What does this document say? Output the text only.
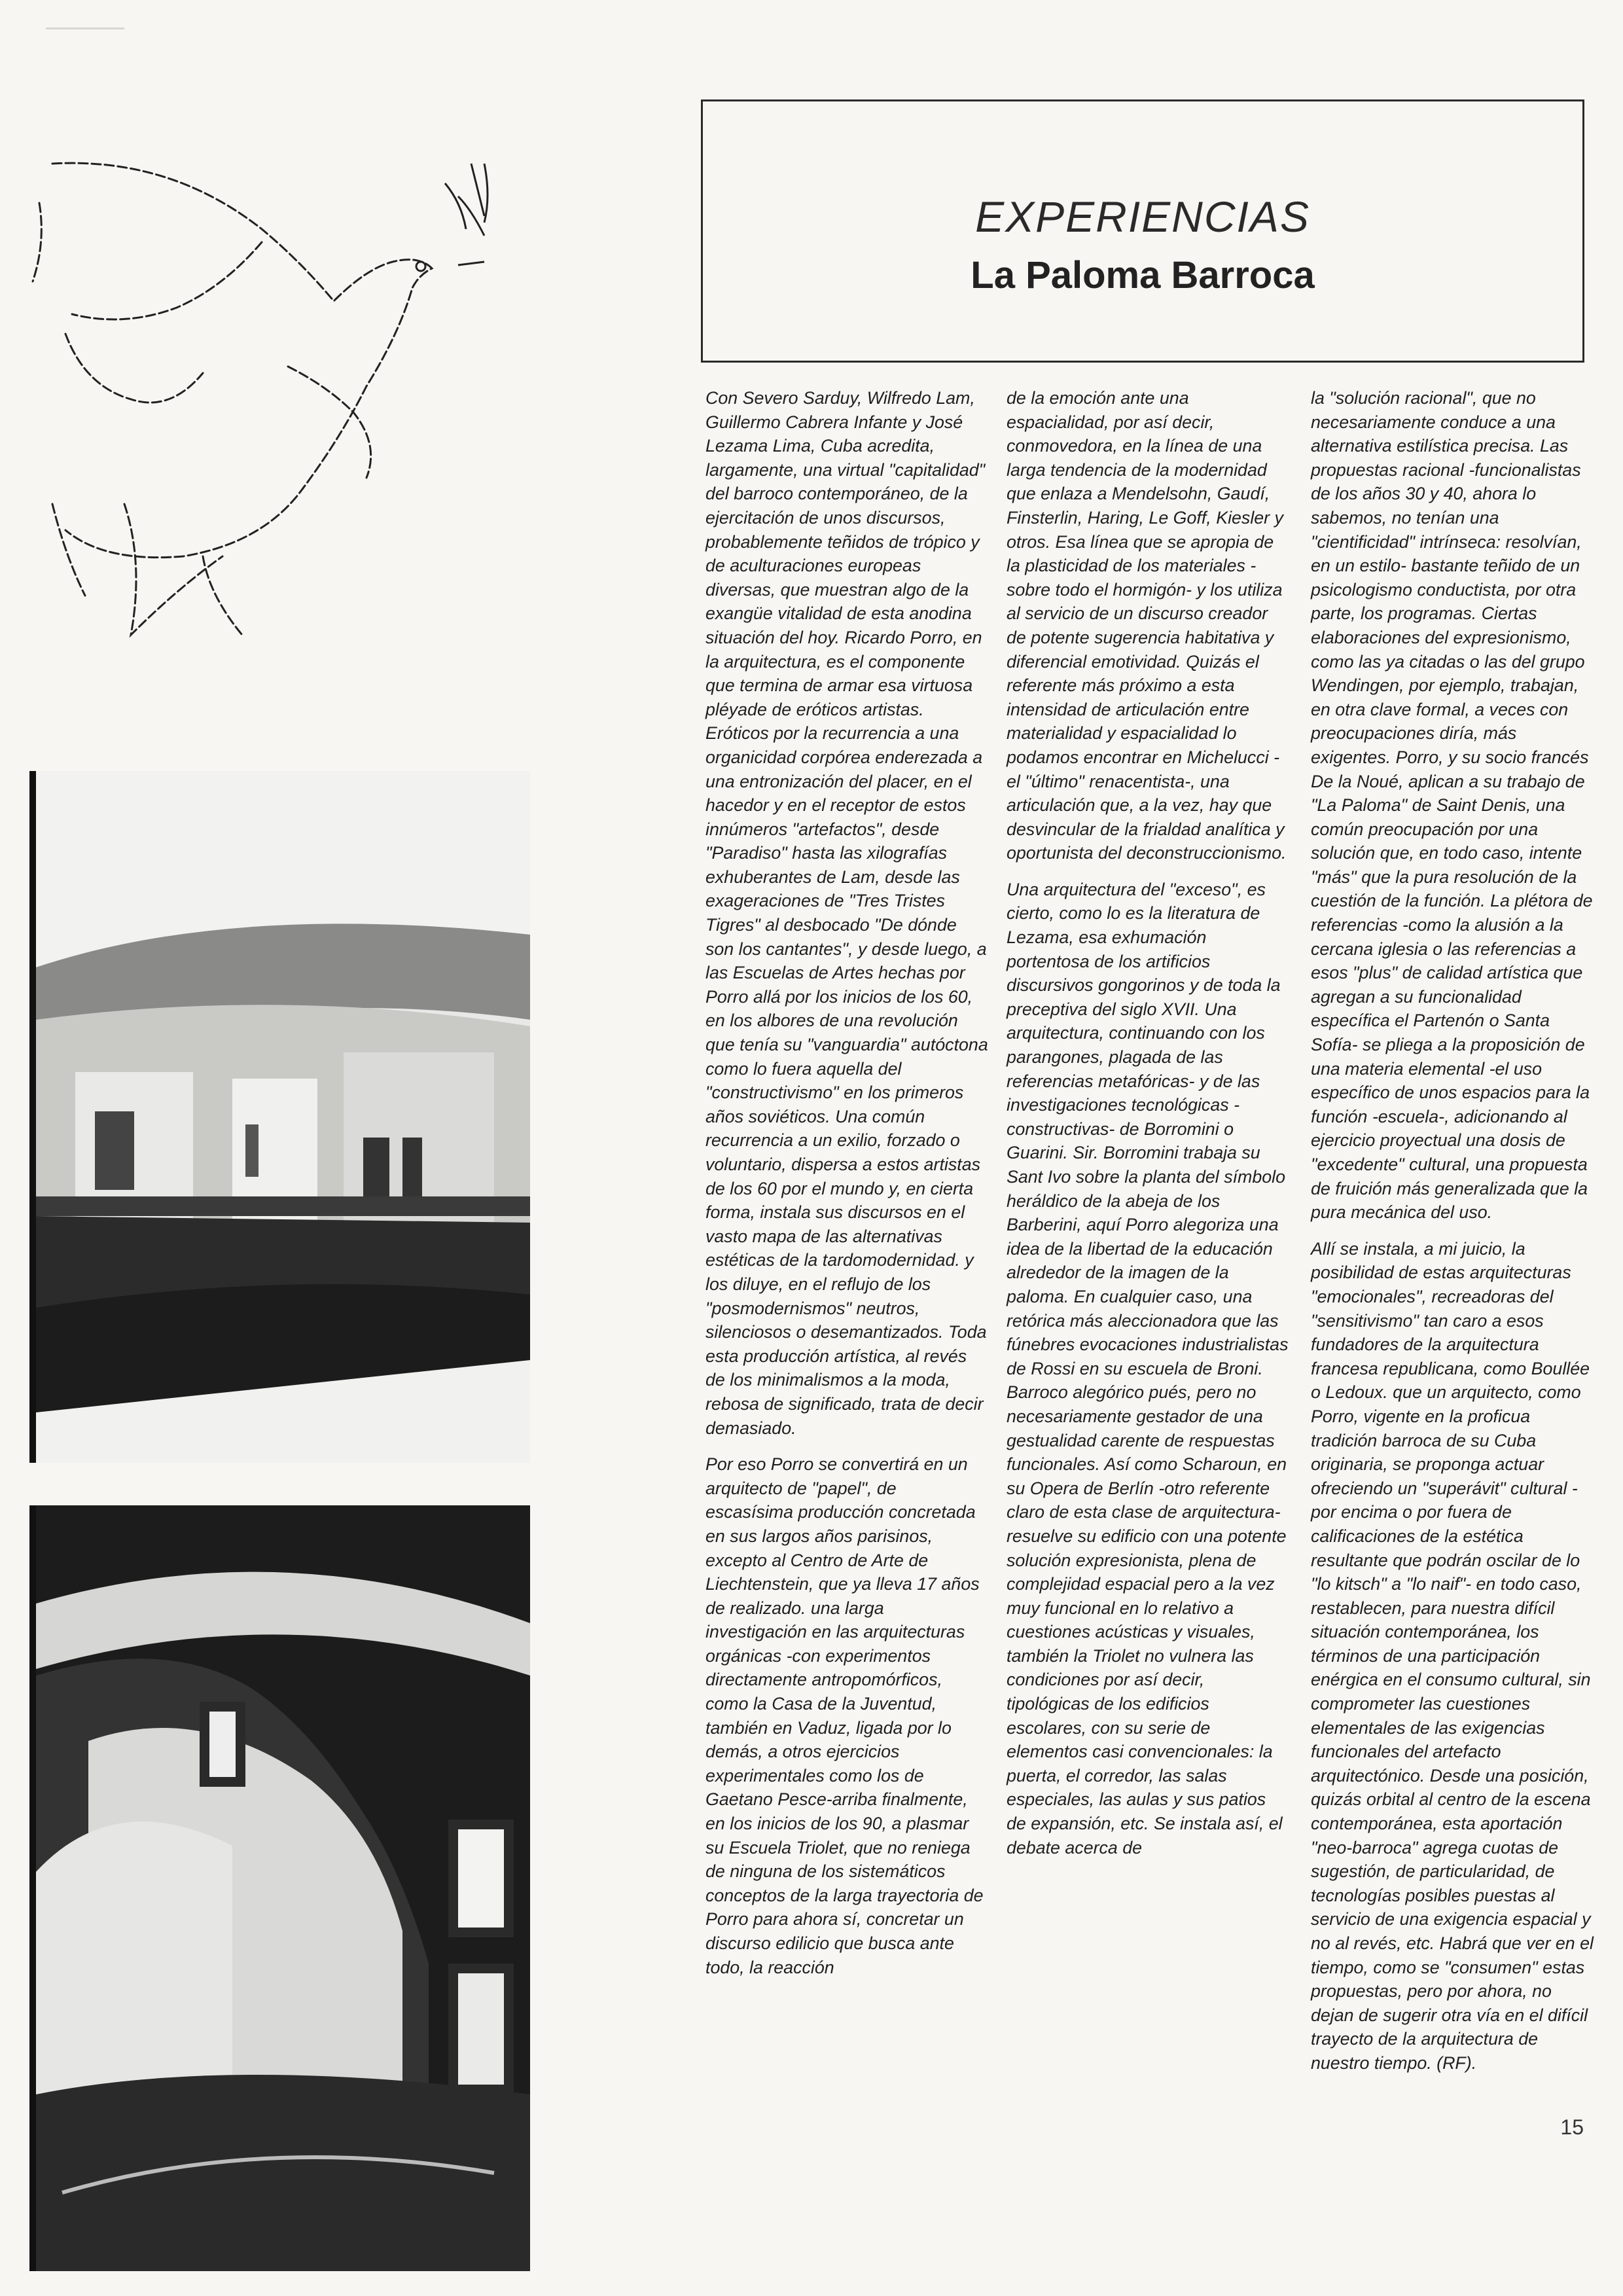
EXPERIENCIAS
La Paloma Barroca

Con Severo Sarduy, Wilfredo Lam, Guillermo Cabrera Infante y José Lezama Lima, Cuba acredita, largamente, una virtual "capitalidad" del barroco contemporáneo, de la ejercitación de unos discursos, probablemente teñidos de trópico y de aculturaciones europeas diversas, que muestran algo de la exangüe vitalidad de esta anodina situación del hoy. Ricardo Porro, en la arquitectura, es el componente que termina de armar esa virtuosa pléyade de eróticos artistas. Eróticos por la recurrencia a una organicidad corpórea enderezada a una entronización del placer, en el hacedor y en el receptor de estos innúmeros "artefactos", desde "Paradiso" hasta las xilografías exhuberantes de Lam, desde las exageraciones de "Tres Tristes Tigres" al desbocado "De dónde son los cantantes", y desde luego, a las Escuelas de Artes hechas por Porro allá por los inicios de los 60, en los albores de una revolución que tenía su "vanguardia" autóctona como lo fuera aquella del "constructivismo" en los primeros años soviéticos. Una común recurrencia a un exilio, forzado o voluntario, dispersa a estos artistas de los 60 por el mundo y, en cierta forma, instala sus discursos en el vasto mapa de las alternativas estéticas de la tardomodernidad. y los diluye, en el reflujo de los "posmodernismos" neutros, silenciosos o desemantizados. Toda esta producción artística, al revés de los minimalismos a la moda, rebosa de significado, trata de decir demasiado.

Por eso Porro se convertirá en un arquitecto de "papel", de escasísima producción concretada en sus largos años parisinos, excepto al Centro de Arte de Liechtenstein, que ya lleva 17 años de realizado. una larga investigación en las arquitecturas orgánicas -con experimentos directamente antropomórficos, como la Casa de la Juventud, también en Vaduz, ligada por lo demás, a otros ejercicios experimentales como los de Gaetano Pesce-arriba finalmente, en los inicios de los 90, a plasmar su Escuela Triolet, que no reniega de ninguna de los sistemáticos conceptos de la larga trayectoria de Porro para ahora sí, concretar un discurso edilicio que busca ante todo, la reacción

de la emoción ante una espacialidad, por así decir, conmovedora, en la línea de una larga tendencia de la modernidad que enlaza a Mendelsohn, Gaudí, Finsterlin, Haring, Le Goff, Kiesler y otros. Esa línea que se apropia de la plasticidad de los materiales -sobre todo el hormigón- y los utiliza al servicio de un discurso creador de potente sugerencia habitativa y diferencial emotividad. Quizás el referente más próximo a esta intensidad de articulación entre materialidad y espacialidad lo podamos encontrar en Michelucci -el "último" renacentista-, una articulación que, a la vez, hay que desvincular de la frialdad analítica y oportunista del deconstruccionismo.

Una arquitectura del "exceso", es cierto, como lo es la literatura de Lezama, esa exhumación portentosa de los artificios discursivos gongorinos y de toda la preceptiva del siglo XVII. Una arquitectura, continuando con los parangones, plagada de las referencias metafóricas- y de las investigaciones tecnológicas -constructivas- de Borromini o Guarini. Sir. Borromini trabaja su Sant Ivo sobre la planta del símbolo heráldico de la abeja de los Barberini, aquí Porro alegoriza una idea de la libertad de la educación alrededor de la imagen de la paloma. En cualquier caso, una retórica más aleccionadora que las fúnebres evocaciones industrialistas de Rossi en su escuela de Broni. Barroco alegórico pués, pero no necesariamente gestador de una gestualidad carente de respuestas funcionales. Así como Scharoun, en su Opera de Berlín -otro referente claro de esta clase de arquitectura-resuelve su edificio con una potente solución expresionista, plena de complejidad espacial pero a la vez muy funcional en lo relativo a cuestiones acústicas y visuales, también la Triolet no vulnera las condiciones por así decir, tipológicas de los edificios escolares, con su serie de elementos casi convencionales: la puerta, el corredor, las salas especiales, las aulas y sus patios de expansión, etc. Se instala así, el debate acerca de

la "solución racional", que no necesariamente conduce a una alternativa estilística precisa. Las propuestas racional -funcionalistas de los años 30 y 40, ahora lo sabemos, no tenían una "cientificidad" intrínseca: resolvían, en un estilo- bastante teñido de un psicologismo conductista, por otra parte, los programas. Ciertas elaboraciones del expresionismo, como las ya citadas o las del grupo Wendingen, por ejemplo, trabajan, en otra clave formal, a veces con preocupaciones diría, más exigentes. Porro, y su socio francés De la Noué, aplican a su trabajo de "La Paloma" de Saint Denis, una común preocupación por una solución que, en todo caso, intente "más" que la pura resolución de la cuestión de la función. La plétora de referencias -como la alusión a la cercana iglesia o las referencias a esos "plus" de calidad artística que agregan a su funcionalidad específica el Partenón o Santa Sofía- se pliega a la proposición de una materia elemental -el uso específico de unos espacios para la función -escuela-, adicionando al ejercicio proyectual una dosis de "excedente" cultural, una propuesta de fruición más generalizada que la pura mecánica del uso.

Allí se instala, a mi juicio, la posibilidad de estas arquitecturas "emocionales", recreadoras del "sensitivismo" tan caro a esos fundadores de la arquitectura francesa republicana, como Boullée o Ledoux. que un arquitecto, como Porro, vigente en la proficua tradición barroca de su Cuba originaria, se proponga actuar ofreciendo un "superávit" cultural -por encima o por fuera de calificaciones de la estética resultante que podrán oscilar de lo "lo kitsch" a "lo naif"- en todo caso, restablecen, para nuestra difícil situación contemporánea, los términos de una participación enérgica en el consumo cultural, sin comprometer las cuestiones elementales de las exigencias funcionales del artefacto arquitectónico. Desde una posición, quizás orbital al centro de la escena contemporánea, esta aportación "neo-barroca" agrega cuotas de sugestión, de particularidad, de tecnologías posibles puestas al servicio de una exigencia espacial y no al revés, etc. Habrá que ver en el tiempo, como se "consumen" estas propuestas, pero por ahora, no dejan de sugerir otra vía en el difícil trayecto de la arquitectura de nuestro tiempo. (RF).

15
